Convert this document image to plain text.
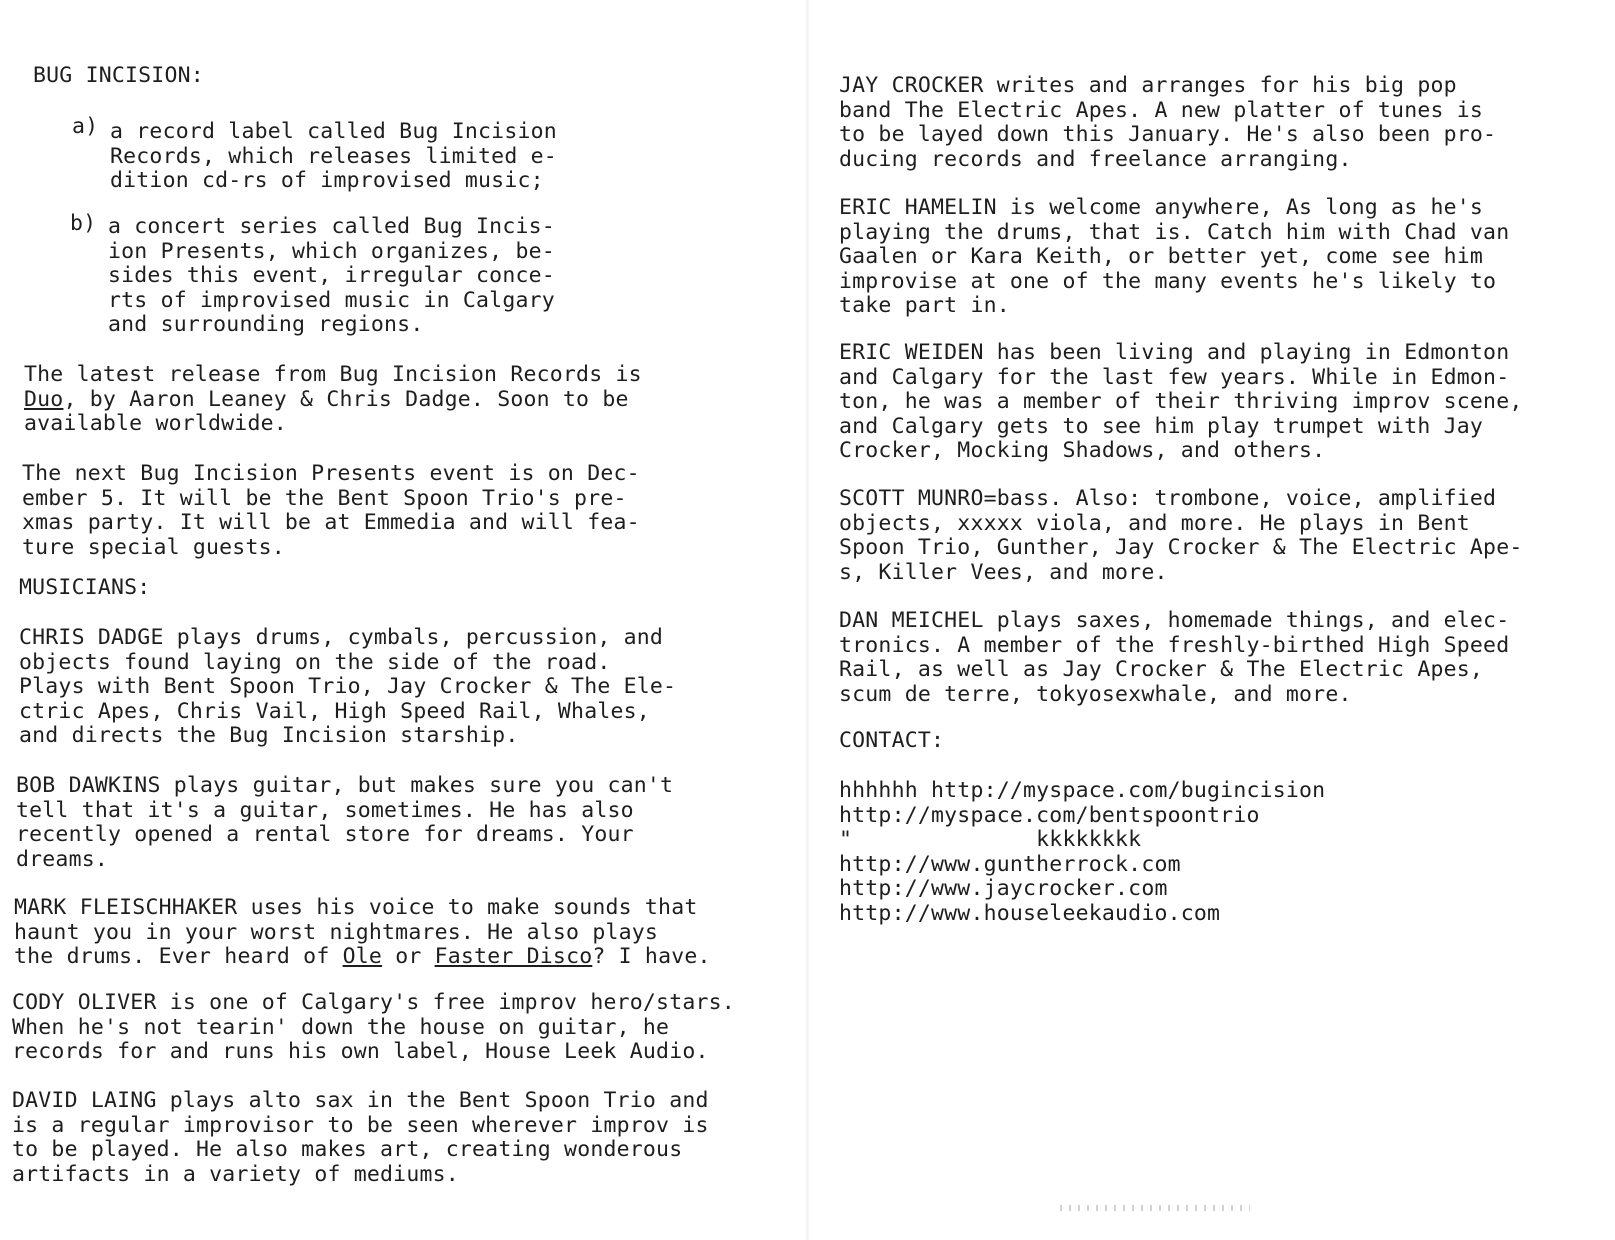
BUG INCISION:
a) a record label called Bug Incision
Records, which releases limited e-
dition cd-rs of improvised music;
b) a concert series called Bug Incis-
ion Presents, which organizes, be-
sides this event, irregular conce-
rts of improvised music in Calgary
and surrounding regions.
The latest release from Bug Incision Records is
Duo, by Aaron Leaney & Chris Dadge. Soon to be
available worldwide.
The next Bug Incision Presents event is on Dec-
ember 5. It will be the Bent Spoon Trio's pre-
xmas party. It will be at Emmedia and will fea-
ture special guests.
MUSICIANS:
CHRIS DADGE plays drums, cymbals, percussion, and
objects found laying on the side of the road.
Plays with Bent Spoon Trio, Jay Crocker & The Ele-
ctric Apes, Chris Vail, High Speed Rail, Whales,
and directs the Bug Incision starship.
BOB DAWKINS plays guitar, but makes sure you can't
tell that it's a guitar, sometimes. He has also
recently opened a rental store for dreams. Your
dreams.
MARK FLEISCHHAKER uses his voice to make sounds that
haunt you in your worst nightmares. He also plays
the drums. Ever heard of Ole or Faster Disco? I have.
CODY OLIVER is one of Calgary's free improv hero/stars.
When he's not tearin' down the house on guitar, he
records for and runs his own label, House Leek Audio.
DAVID LAING plays alto sax in the Bent Spoon Trio and
is a regular improvisor to be seen wherever improv is
to be played. He also makes art, creating wonderous
artifacts in a variety of mediums.
JAY CROCKER writes and arranges for his big pop
band The Electric Apes. A new platter of tunes is
to be layed down this January. He's also been pro-
ducing records and freelance arranging.
ERIC HAMELIN is welcome anywhere, As long as he's
playing the drums, that is. Catch him with Chad van
Gaalen or Kara Keith, or better yet, come see him
improvise at one of the many events he's likely to
take part in.
ERIC WEIDEN has been living and playing in Edmonton
and Calgary for the last few years. While in Edmon-
ton, he was a member of their thriving improv scene,
and Calgary gets to see him play trumpet with Jay
Crocker, Mocking Shadows, and others.
SCOTT MUNRO=bass. Also: trombone, voice, amplified
objects, xxxxx viola, and more. He plays in Bent
Spoon Trio, Gunther, Jay Crocker & The Electric Ape-
s, Killer Vees, and more.
DAN MEICHEL plays saxes, homemade things, and elec-
tronics. A member of the freshly-birthed High Speed
Rail, as well as Jay Crocker & The Electric Apes,
scum de terre, tokyosexwhale, and more.
CONTACT:
hhhhhh http://myspace.com/bugincision
http://myspace.com/bentspoontrio
"              kkkkkkkk
http://www.guntherrock.com
http://www.jaycrocker.com
http://www.houseleekaudio.com
